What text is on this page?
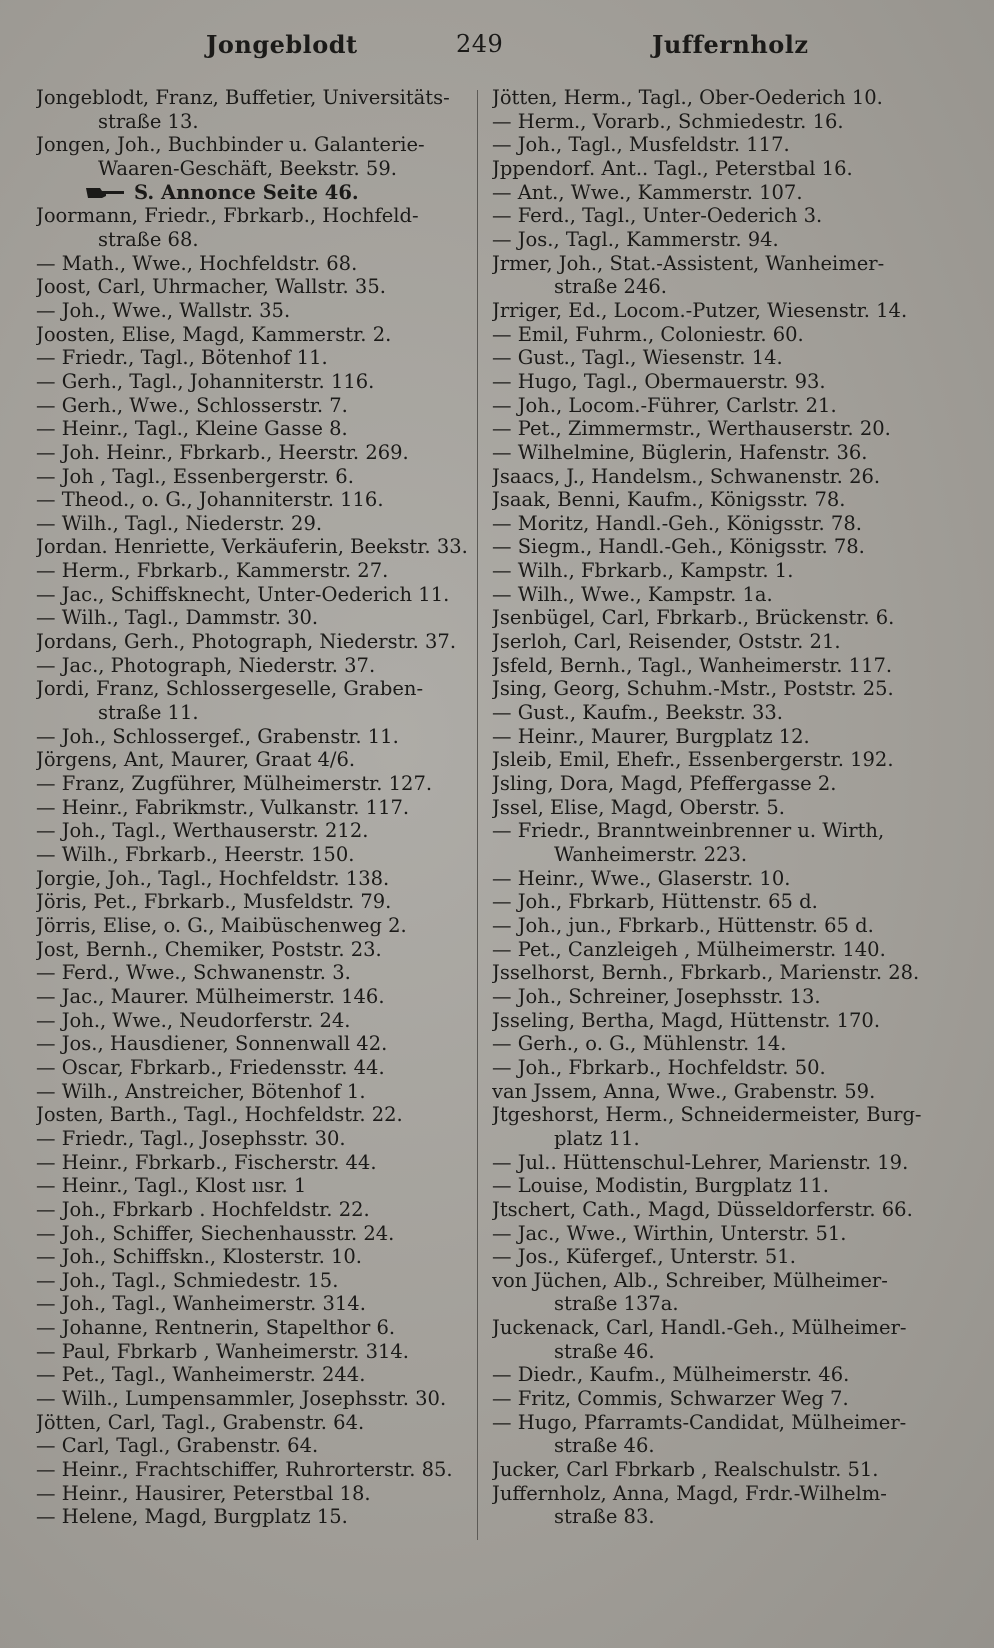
Jongeblodt	249	Juffernholz
Jongeblodt, Franz, Buffetier, Universitäts-
straße 13.
Jongen, Joh., Buchbinder u. Galanterie-
Waaren-Geschäft, Beekstr. 59.
S. Annonce Seite 46.
Joormann, Friedr., Fbrkarb., Hochfeld-
straße 68.
— Math., Wwe., Hochfeldstr. 68.
Joost, Carl, Uhrmacher, Wallstr. 35.
— Joh., Wwe., Wallstr. 35.
Joosten, Elise, Magd, Kammerstr. 2.
— Friedr., Tagl., Bötenhof 11.
— Gerh., Tagl., Johanniterstr. 116.
— Gerh., Wwe., Schlosserstr. 7.
— Heinr., Tagl., Kleine Gasse 8.
— Joh. Heinr., Fbrkarb., Heerstr. 269.
— Joh , Tagl., Essenbergerstr. 6.
— Theod., o. G., Johanniterstr. 116.
— Wilh., Tagl., Niederstr. 29.
Jordan. Henriette, Verkäuferin, Beekstr. 33.
— Herm., Fbrkarb., Kammerstr. 27.
— Jac., Schiffsknecht, Unter-Oederich 11.
— Wilh., Tagl., Dammstr. 30.
Jordans, Gerh., Photograph, Niederstr. 37.
— Jac., Photograph, Niederstr. 37.
Jordi, Franz, Schlossergeselle, Graben-
straße 11.
— Joh., Schlossergef., Grabenstr. 11.
Jörgens, Ant, Maurer, Graat 4/6.
— Franz, Zugführer, Mülheimerstr. 127.
— Heinr., Fabrikmstr., Vulkanstr. 117.
— Joh., Tagl., Werthauserstr. 212.
— Wilh., Fbrkarb., Heerstr. 150.
Jorgie, Joh., Tagl., Hochfeldstr. 138.
Jöris, Pet., Fbrkarb., Musfeldstr. 79.
Jörris, Elise, o. G., Maibüschenweg 2.
Jost, Bernh., Chemiker, Poststr. 23.
— Ferd., Wwe., Schwanenstr. 3.
— Jac., Maurer. Mülheimerstr. 146.
— Joh., Wwe., Neudorferstr. 24.
— Jos., Hausdiener, Sonnenwall 42.
— Oscar, Fbrkarb., Friedensstr. 44.
— Wilh., Anstreicher, Bötenhof 1.
Josten, Barth., Tagl., Hochfeldstr. 22.
— Friedr., Tagl., Josephsstr. 30.
— Heinr., Fbrkarb., Fischerstr. 44.
— Heinr., Tagl., Klost ıısr. 1
— Joh., Fbrkarb . Hochfeldstr. 22.
— Joh., Schiffer, Siechenhausstr. 24.
— Joh., Schiffskn., Klosterstr. 10.
— Joh., Tagl., Schmiedestr. 15.
— Joh., Tagl., Wanheimerstr. 314.
— Johanne, Rentnerin, Stapelthor 6.
— Paul, Fbrkarb , Wanheimerstr. 314.
— Pet., Tagl., Wanheimerstr. 244.
— Wilh., Lumpensammler, Josephsstr. 30.
Jötten, Carl, Tagl., Grabenstr. 64.
— Carl, Tagl., Grabenstr. 64.
— Heinr., Frachtschiffer, Ruhrorterstr. 85.
— Heinr., Hausirer, Peterstbal 18.
— Helene, Magd, Burgplatz 15.
Jötten, Herm., Tagl., Ober-Oederich 10.
— Herm., Vorarb., Schmiedestr. 16.
— Joh., Tagl., Musfeldstr. 117.
Jppendorf. Ant.. Tagl., Peterstbal 16.
— Ant., Wwe., Kammerstr. 107.
— Ferd., Tagl., Unter-Oederich 3.
— Jos., Tagl., Kammerstr. 94.
Jrmer, Joh., Stat.-Assistent, Wanheimer-
straße 246.
Jrriger, Ed., Locom.-Putzer, Wiesenstr. 14.
— Emil, Fuhrm., Coloniestr. 60.
— Gust., Tagl., Wiesenstr. 14.
— Hugo, Tagl., Obermauerstr. 93.
— Joh., Locom.-Führer, Carlstr. 21.
— Pet., Zimmermstr., Werthauserstr. 20.
— Wilhelmine, Büglerin, Hafenstr. 36.
Jsaacs, J., Handelsm., Schwanenstr. 26.
Jsaak, Benni, Kaufm., Königsstr. 78.
— Moritz, Handl.-Geh., Königsstr. 78.
— Siegm., Handl.-Geh., Königsstr. 78.
— Wilh., Fbrkarb., Kampstr. 1.
— Wilh., Wwe., Kampstr. 1a.
Jsenbügel, Carl, Fbrkarb., Brückenstr. 6.
Jserloh, Carl, Reisender, Oststr. 21.
Jsfeld, Bernh., Tagl., Wanheimerstr. 117.
Jsing, Georg, Schuhm.-Mstr., Poststr. 25.
— Gust., Kaufm., Beekstr. 33.
— Heinr., Maurer, Burgplatz 12.
Jsleib, Emil, Ehefr., Essenbergerstr. 192.
Jsling, Dora, Magd, Pfeffergasse 2.
Jssel, Elise, Magd, Oberstr. 5.
— Friedr., Branntweinbrenner u. Wirth,
Wanheimerstr. 223.
— Heinr., Wwe., Glaserstr. 10.
— Joh., Fbrkarb, Hüttenstr. 65 d.
— Joh., jun., Fbrkarb., Hüttenstr. 65 d.
— Pet., Canzleigeh , Mülheimerstr. 140.
Jsselhorst, Bernh., Fbrkarb., Marienstr. 28.
— Joh., Schreiner, Josephsstr. 13.
Jsseling, Bertha, Magd, Hüttenstr. 170.
— Gerh., o. G., Mühlenstr. 14.
— Joh., Fbrkarb., Hochfeldstr. 50.
van Jssem, Anna, Wwe., Grabenstr. 59.
Jtgeshorst, Herm., Schneidermeister, Burg-
platz 11.
— Jul.. Hüttenschul-Lehrer, Marienstr. 19.
— Louise, Modistin, Burgplatz 11.
Jtschert, Cath., Magd, Düsseldorferstr. 66.
— Jac., Wwe., Wirthin, Unterstr. 51.
— Jos., Küfergef., Unterstr. 51.
von Jüchen, Alb., Schreiber, Mülheimer-
straße 137a.
Juckenack, Carl, Handl.-Geh., Mülheimer-
straße 46.
— Diedr., Kaufm., Mülheimerstr. 46.
— Fritz, Commis, Schwarzer Weg 7.
— Hugo, Pfarramts-Candidat, Mülheimer-
straße 46.
Jucker, Carl Fbrkarb , Realschulstr. 51.
Juffernholz, Anna, Magd, Frdr.-Wilhelm-
straße 83.
